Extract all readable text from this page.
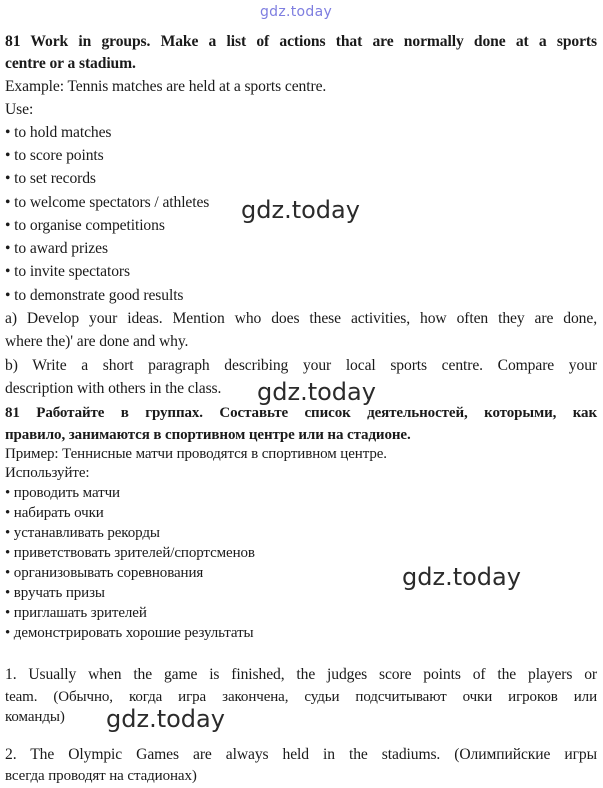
gdz.today
81 Work in groups. Make a list of actions that are normally done at a sports
centre or a stadium.
Example: Tennis matches are held at a sports centre.
Use:
• to hold matches
• to score points
• to set records
• to welcome spectators / athletes
• to organise competitions
• to award prizes
• to invite spectators
• to demonstrate good results
a) Develop your ideas. Mention who does these activities, how often they are done,
where the)' are done and why.
b) Write a short paragraph describing your local sports centre. Compare your
description with others in the class.
81 Работайте в группах. Составьте список деятельностей, которыми, как
правило, занимаются в спортивном центре или на стадионе.
Пример: Теннисные матчи проводятся в спортивном центре.
Используйте:
• проводить матчи
• набирать очки
• устанавливать рекорды
• приветствовать зрителей/спортсменов
• организовывать соревнования
• вручать призы
• приглашать зрителей
• демонстрировать хорошие результаты
1. Usually when the game is finished, the judges score points of the players or
team. (Обычно, когда игра закончена, судьи подсчитывают очки игроков или
команды)
2. The Olympic Games are always held in the stadiums. (Олимпийские игры
всегда проводят на стадионах)
gdz.today
gdz.today
gdz.today
gdz.today
